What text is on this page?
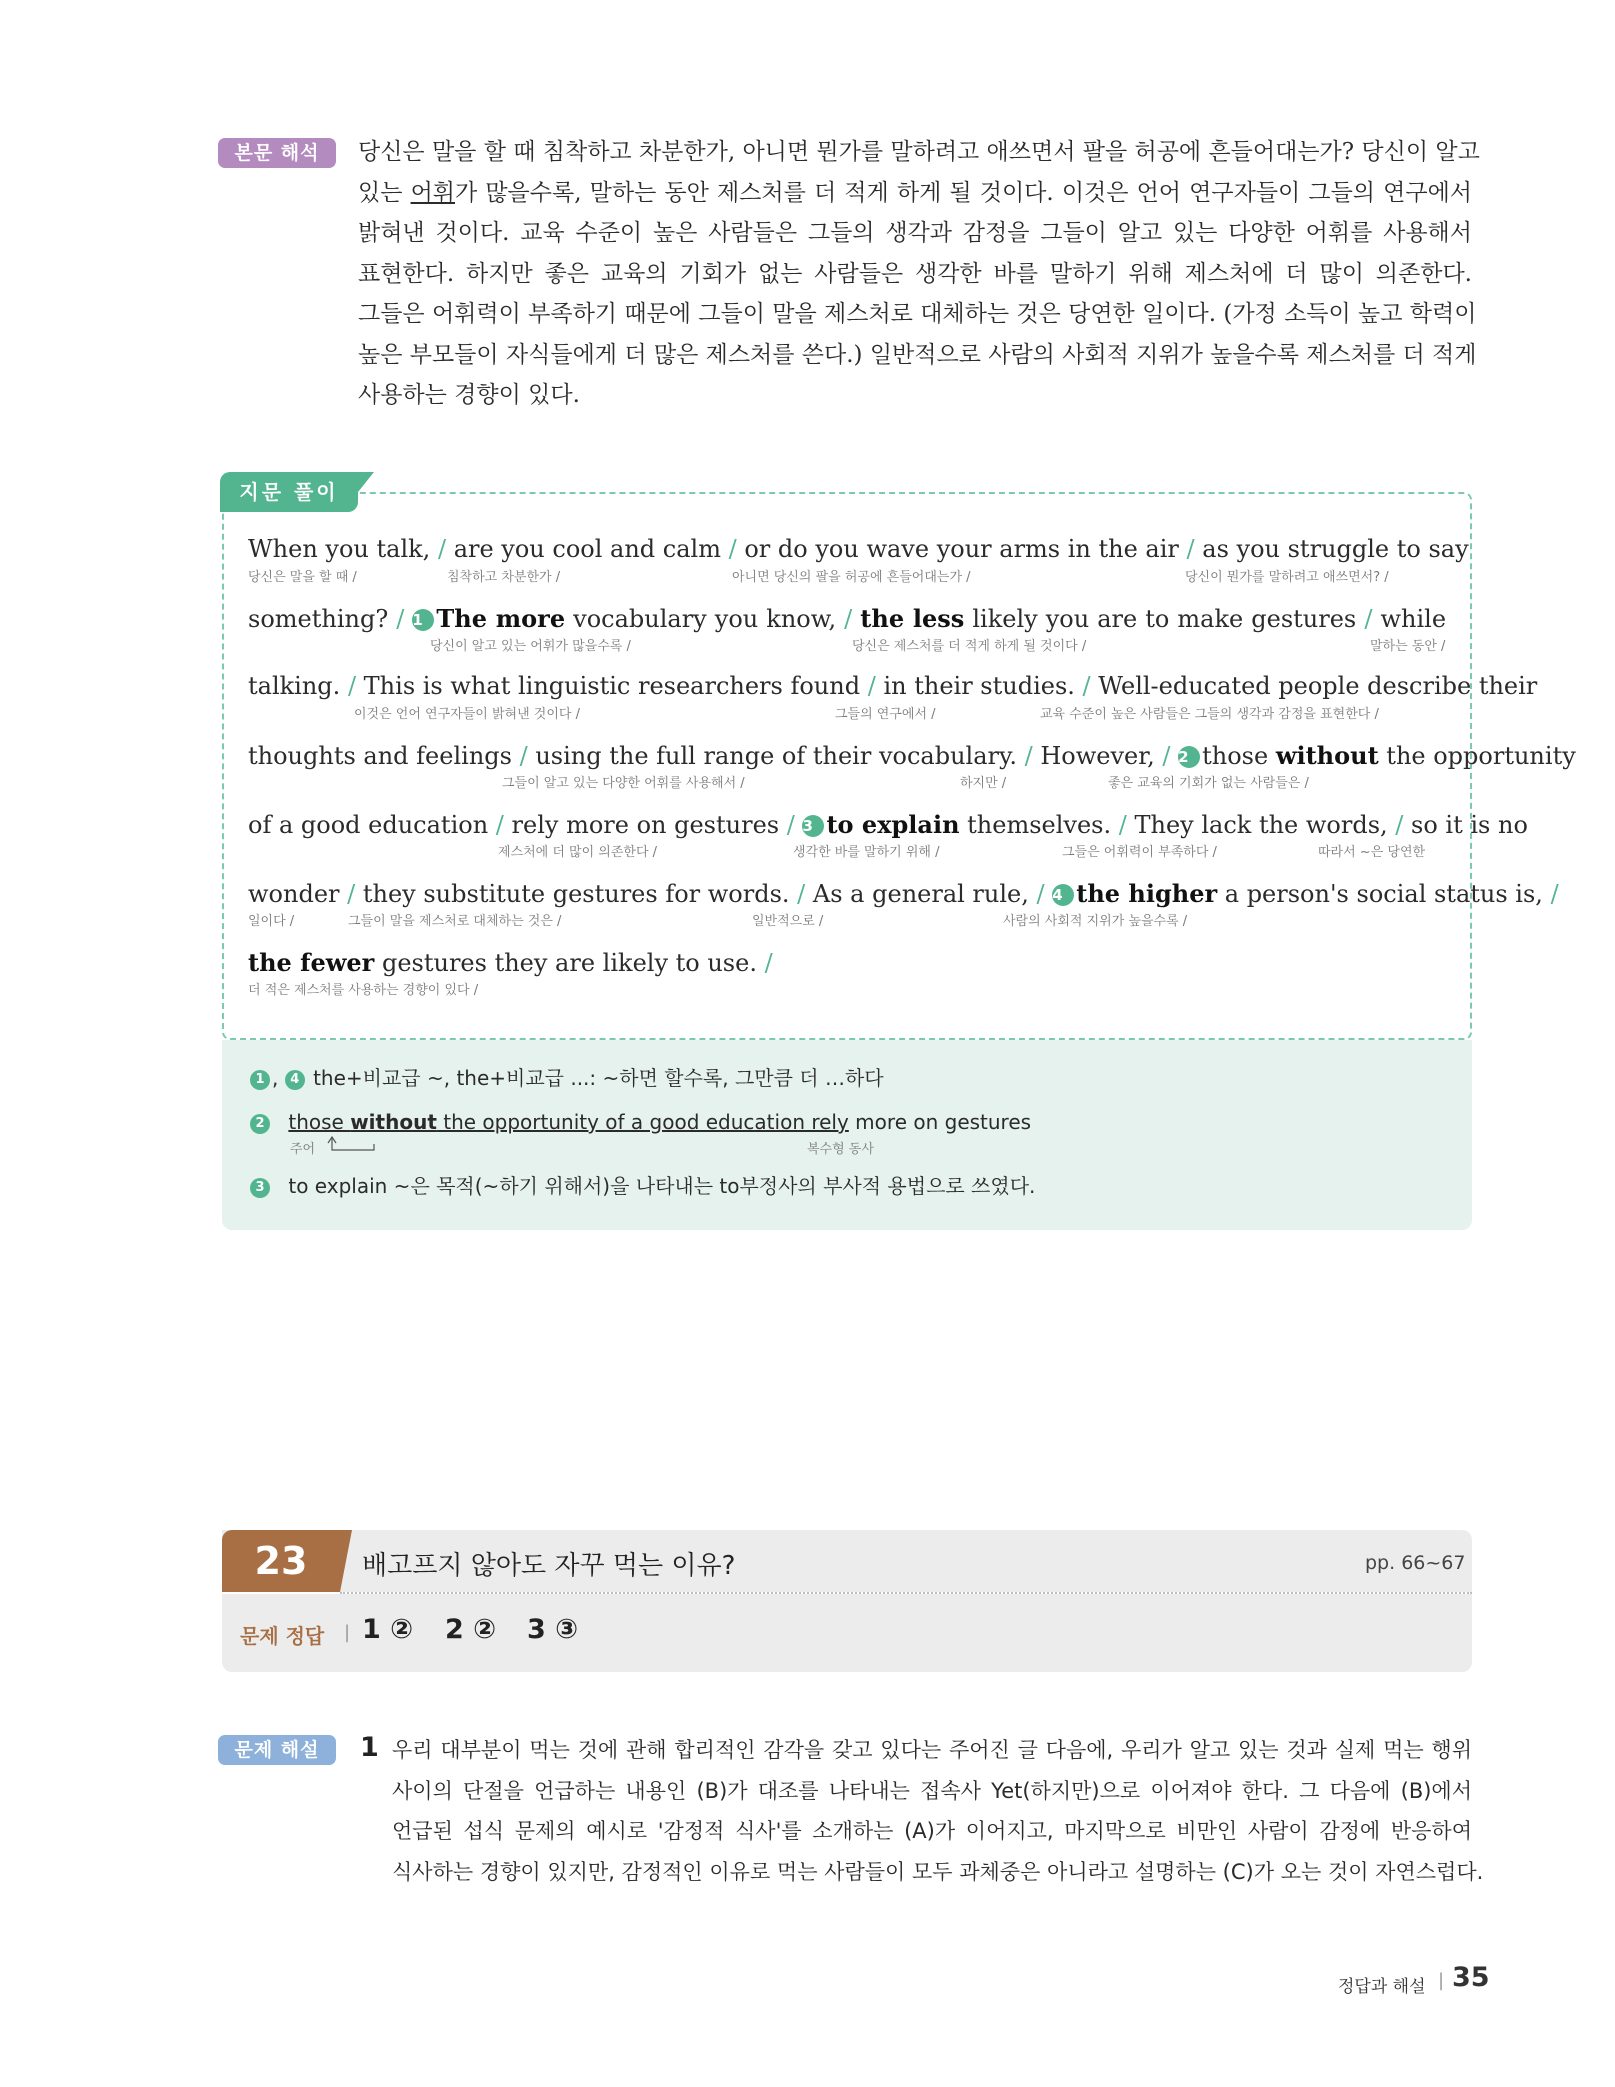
본문 해석	당신은 말을 할 때 침착하고 차분한가, 아니면 뭔가를 말하려고 애쓰면서 팔을 허공에 흔들어대는가? 당신이 알고
있는 어휘가 많을수록, 말하는 동안 제스처를 더 적게 하게 될 것이다. 이것은 언어 연구자들이 그들의 연구에서
밝혀낸 것이다. 교육 수준이 높은 사람들은 그들의 생각과 감정을 그들이 알고 있는 다양한 어휘를 사용해서
표현한다. 하지만 좋은 교육의 기회가 없는 사람들은 생각한 바를 말하기 위해 제스처에 더 많이 의존한다.
그들은 어휘력이 부족하기 때문에 그들이 말을 제스처로 대체하는 것은 당연한 일이다. (가정 소득이 높고 학력이
높은 부모들이 자식들에게 더 많은 제스처를 쓴다.) 일반적으로 사람의 사회적 지위가 높을수록 제스처를 더 적게
사용하는 경향이 있다.
지문 풀이
When you talk, / are you cool and calm / or do you wave your arms in the air / as you struggle to say
당신은 말을 할 때 /	침착하고 차분한가 /	아니면 당신의 팔을 허공에 흔들어대는가 /	당신이 뭔가를 말하려고 애쓰면서? /
something? / 1 The more vocabulary you know, / the less likely you are to make gestures / while
당신이 알고 있는 어휘가 많을수록 /	당신은 제스처를 더 적게 하게 될 것이다 /	말하는 동안 /
talking. / This is what linguistic researchers found / in their studies. / Well-educated people describe their
이것은 언어 연구자들이 밝혀낸 것이다 /	그들의 연구에서 /	교육 수준이 높은 사람들은 그들의 생각과 감정을 표현한다 /
thoughts and feelings / using the full range of their vocabulary. / However, / 2 those without the opportunity
그들이 알고 있는 다양한 어휘를 사용해서 /	하지만 /	좋은 교육의 기회가 없는 사람들은 /
of a good education / rely more on gestures / 3 to explain themselves. / They lack the words, / so it is no
제스처에 더 많이 의존한다 /	생각한 바를 말하기 위해 /	그들은 어휘력이 부족하다 /	따라서 ~은 당연한
wonder / they substitute gestures for words. / As a general rule, / 4 the higher a person's social status is, /
일이다 /	그들이 말을 제스처로 대체하는 것은 /	일반적으로 /	사람의 사회적 지위가 높을수록 /
the fewer gestures they are likely to use. /
더 적은 제스처를 사용하는 경향이 있다 /
1 , 4 the+비교급 ~, the+비교급 ...: ~하면 할수록, 그만큼 더 …하다
2 those without the opportunity of a good education rely more on gestures
주어	복수형 동사
3 to explain ~은 목적(~하기 위해서)을 나타내는 to부정사의 부사적 용법으로 쓰였다.
23	배고프지 않아도 자꾸 먹는 이유?	pp. 66~67
문제 정답 | 1 ② 2 ② 3 ③
문제 해설	1 우리 대부분이 먹는 것에 관해 합리적인 감각을 갖고 있다는 주어진 글 다음에, 우리가 알고 있는 것과 실제 먹는 행위
사이의 단절을 언급하는 내용인 (B)가 대조를 나타내는 접속사 Yet(하지만)으로 이어져야 한다. 그 다음에 (B)에서
언급된 섭식 문제의 예시로 '감정적 식사'를 소개하는 (A)가 이어지고, 마지막으로 비만인 사람이 감정에 반응하여
식사하는 경향이 있지만, 감정적인 이유로 먹는 사람들이 모두 과체중은 아니라고 설명하는 (C)가 오는 것이 자연스럽다.
정답과 해설 | 35
